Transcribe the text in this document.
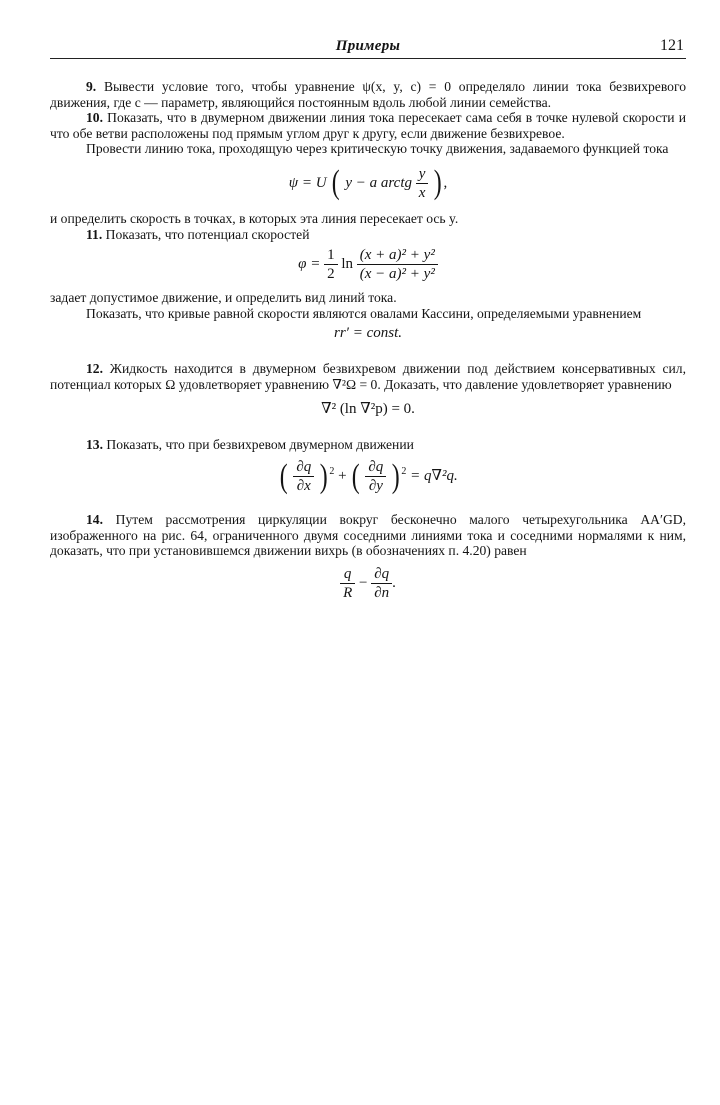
Примеры	121

9. Вывести условие того, чтобы уравнение ψ(x, y, c) = 0 определяло линии тока безвихревого движения, где c — параметр, являющийся постоянным вдоль любой линии семейства.

10. Показать, что в двумерном движении линия тока пересекает сама себя в точке нулевой скорости и что обе ветви расположены под прямым углом друг к другу, если движение безвихревое.

Провести линию тока, проходящую через критическую точку движения, задаваемого функцией тока

ψ = U ( y − a arctg $\frac{y}{x}$ ) ,

и определить скорость в точках, в которых эта линия пересекает ось y.

11. Показать, что потенциал скоростей

$\varphi = \frac{1}{2}$ $\ln \frac{\text{(x + a)² + y²}}{\text{(x − a)² + y²}}$

задает допустимое движение, и определить вид линий тока.

Показать, что кривые равной скорости являются овалами Кассини, определяемыми уравнением

rr′ = const.

12. Жидкость находится в двумерном безвихревом движении под действием консервативных сил, потенциал которых Ω удовлетворяет уравнению ∇²Ω = 0. Доказать, что давление удовлетворяет уравнению

∇² (ln ∇²p) = 0.

13. Показать, что при безвихревом двумерном движении

( $\frac{\partial q}{\partial x}$ ) $^2$ + ( $\frac{\partial q}{\partial y}$ ) $^2$ = q∇²q.

14. Путем рассмотрения циркуляции вокруг бесконечно малого четырехугольника AA′GD, изображенного на рис. 64, ограниченного двумя соседними линиями тока и соседними нормалями к ним, доказать, что при установившемся движении вихрь (в обозначениях п. 4.20) равен

$\frac{q}{R} - \frac{\partial q}{\partial n}$ .
